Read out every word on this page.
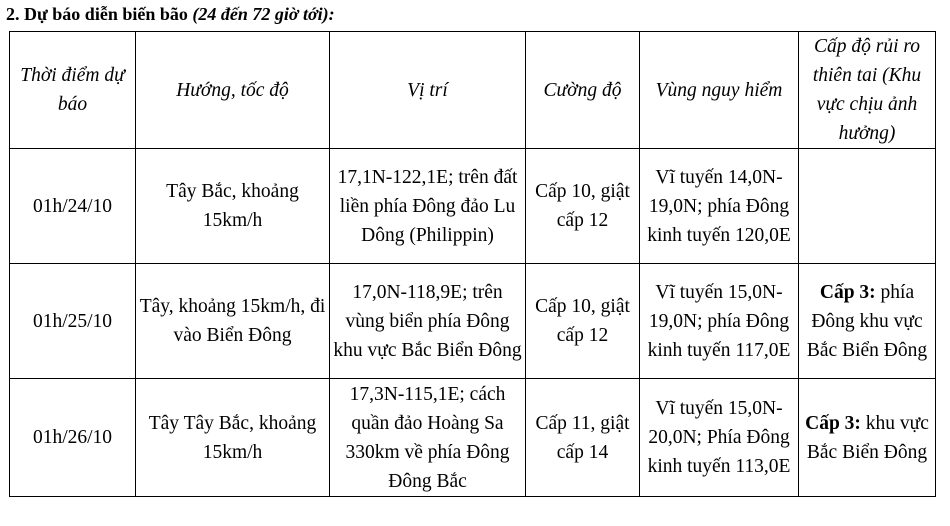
2. Dự báo diễn biến bão (24 đến 72 giờ tới):
Thời điểm dự báo	Hướng, tốc độ	Vị trí	Cường độ	Vùng nguy hiểm	Cấp độ rủi ro thiên tai (Khu vực chịu ảnh hưởng)
01h/24/10	Tây Bắc, khoảng 15km/h	17,1N-122,1E; trên đất liền phía Đông đảo Lu Dông (Philippin)	Cấp 10, giật cấp 12	Vĩ tuyến 14,0N-19,0N; phía Đông kinh tuyến 120,0E	

01h/25/10	Tây, khoảng 15km/h, đi vào Biển Đông	17,0N-118,9E; trên vùng biển phía Đông khu vực Bắc Biển Đông	Cấp 10, giật cấp 12	Vĩ tuyến 15,0N-19,0N; phía Đông kinh tuyến 117,0E	Cấp 3: phía Đông khu vực Bắc Biển Đông
01h/26/10	Tây Tây Bắc, khoảng 15km/h	17,3N-115,1E; cách quần đảo Hoàng Sa 330km về phía Đông Đông Bắc	Cấp 11, giật cấp 14	Vĩ tuyến 15,0N-20,0N; Phía Đông kinh tuyến 113,0E	Cấp 3: khu vực Bắc Biển Đông
